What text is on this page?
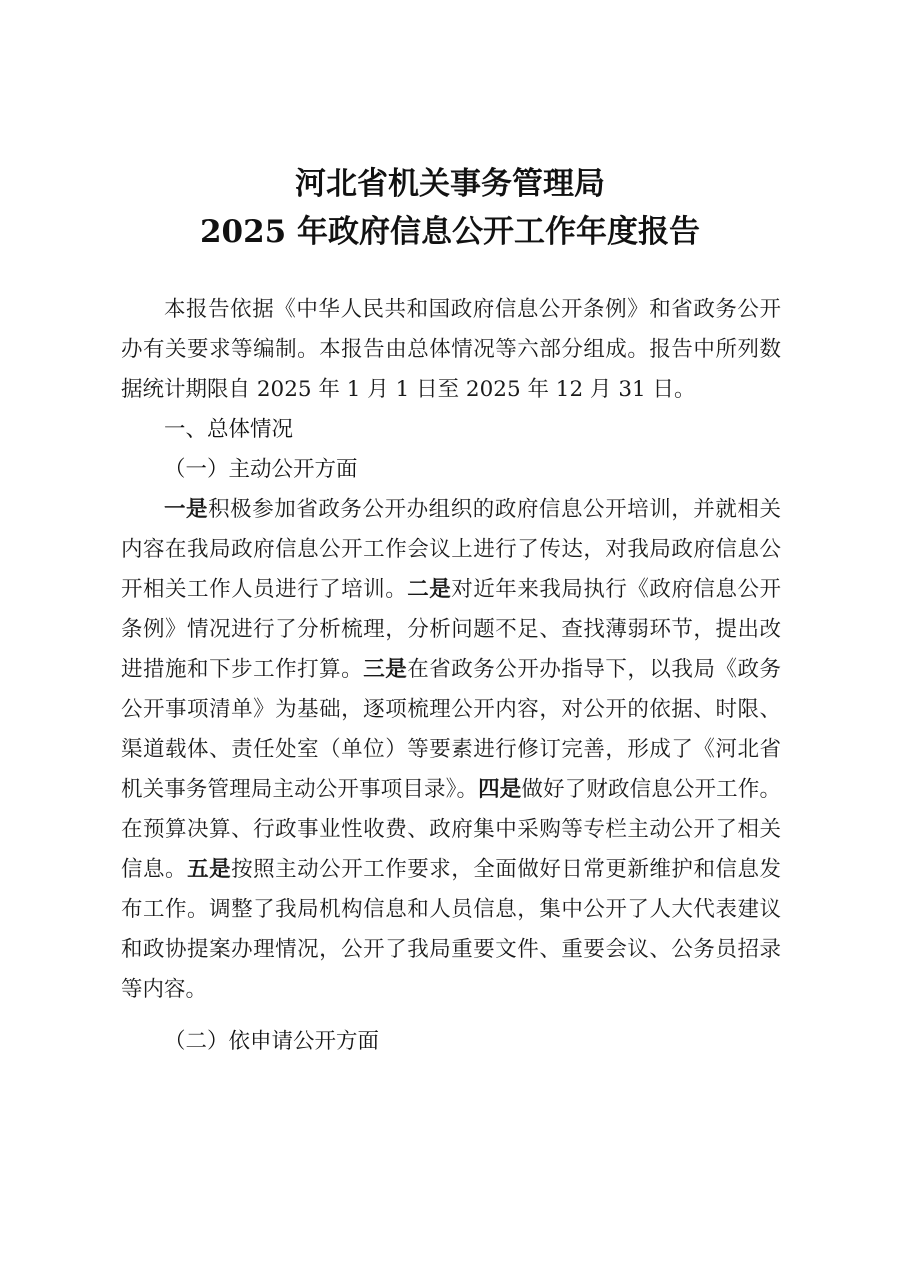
河北省机关事务管理局
2025 年政府信息公开工作年度报告

本报告依据《中华人民共和国政府信息公开条例》和省政务公开办有关要求等编制。本报告由总体情况等六部分组成。报告中所列数据统计期限自 2025 年 1 月 1 日至 2025 年 12 月 31 日。

一、总体情况

（一）主动公开方面

一是积极参加省政务公开办组织的政府信息公开培训，并就相关内容在我局政府信息公开工作会议上进行了传达，对我局政府信息公开相关工作人员进行了培训。二是对近年来我局执行《政府信息公开条例》情况进行了分析梳理，分析问题不足、查找薄弱环节，提出改进措施和下步工作打算。三是在省政务公开办指导下，以我局《政务公开事项清单》为基础，逐项梳理公开内容，对公开的依据、时限、渠道载体、责任处室（单位）等要素进行修订完善，形成了《河北省机关事务管理局主动公开事项目录》。四是做好了财政信息公开工作。在预算决算、行政事业性收费、政府集中采购等专栏主动公开了相关信息。五是按照主动公开工作要求，全面做好日常更新维护和信息发布工作。调整了我局机构信息和人员信息，集中公开了人大代表建议和政协提案办理情况，公开了我局重要文件、重要会议、公务员招录等内容。

（二）依申请公开方面
